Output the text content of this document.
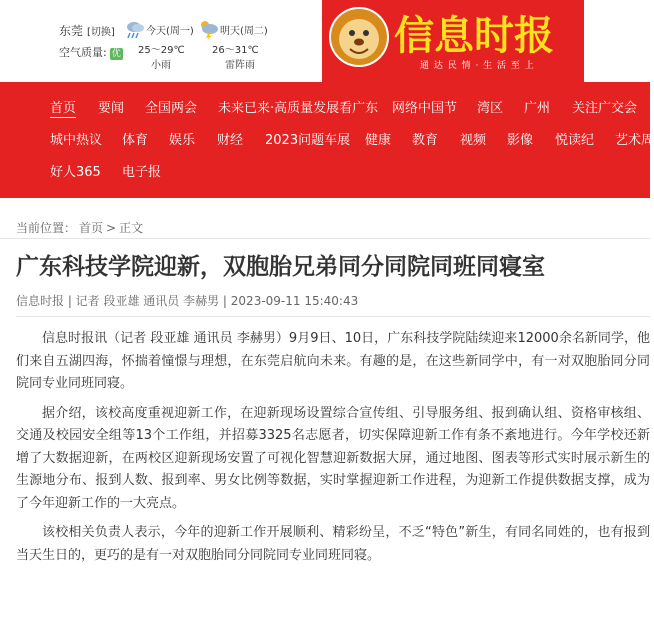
东莞 [切换]
空气质量: 优
今天(周一)
25～29℃
小雨
明天(周二)
26～31℃
雷阵雨
信息时报
通 达 民 情 · 生 活 至 上
首页 要闻 全国两会 未来已来·高质量发展看广东 网络中国节 湾区 广州 关注广交会
城中热议 体育 娱乐 财经 2023问题车展 健康 教育 视频 影像 悦读纪 艺术周
好人365 电子报
当前位置： 首页 > 正文
广东科技学院迎新，双胞胎兄弟同分同院同班同寝室
信息时报 | 记者 段亚雄 通讯员 李赫男 | 2023-09-11 15:40:43

信息时报讯（记者 段亚雄 通讯员 李赫男）9月9日、10日，广东科技学院陆续迎来12000余名新同学，他们来自五湖四海，怀揣着憧憬与理想，在东莞启航向未来。有趣的是，在这些新同学中，有一对双胞胎同分同院同专业同班同寝。

据介绍，该校高度重视迎新工作，在迎新现场设置综合宣传组、引导服务组、报到确认组、资格审核组、交通及校园安全组等13个工作组，并招募3325名志愿者，切实保障迎新工作有条不紊地进行。今年学校还新增了大数据迎新，在两校区迎新现场安置了可视化智慧迎新数据大屏，通过地图、图表等形式实时展示新生的生源地分布、报到人数、报到率、男女比例等数据，实时掌握迎新工作进程，为迎新工作提供数据支撑，成为了今年迎新工作的一大亮点。

该校相关负责人表示，今年的迎新工作开展顺利、精彩纷呈，不乏“特色”新生，有同名同姓的，也有报到当天生日的，更巧的是有一对双胞胎同分同院同专业同班同寝。
